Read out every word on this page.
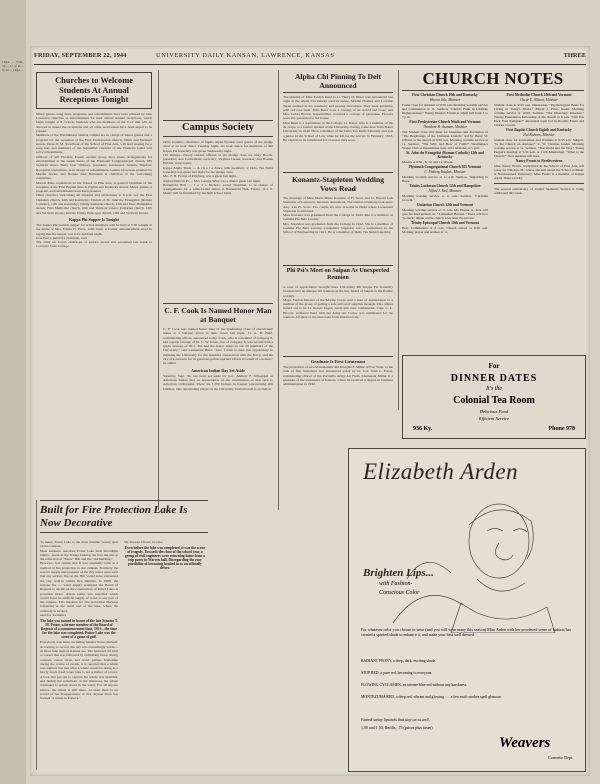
1944 ... VOL. 59 ... U of K ... V-12 ... 1944 ...
FRIDAY, SEPTEMBER 22, 1944	UNIVERSITY DAILY KANSAN, LAWRENCE, KANSAS	THREE
Churches to Welcome Students At Annual Receptions Tonight
Minor guests, song fests, programs, and refreshments have been planned by nine Lawrence churches as entertainment for their annual student receptions, which begin tonight at 8 o'clock. Students who are members of the V-12 unit will be allowed to attend the receptions and all other servicemen have been urged to be present.
Members of the Westminster student cabinet are in charge of minor games and a program for the reception at the First Presbyterian church, Ninth and Vermont streets. Dean D. M. Swarthout of the School of Fine Arts, will lead singing for a song fest, and members of the September calendar of the Women's Guild will serve refreshments.
Officers of left Fireside Forum student group have made arrangements for entertainment at the parish house of the Plymouth Congregational church, 925 Vermont street, Betty Jean Whitney, president, announced. Annette Bigelow, Reception sophomore, is in charge of refreshments. Games have been planned by Martha Jewett, and Bonnie Jean Holloman is chairman of the welcoming committee.
Marvel Ems, sophomore in the School of Fine Arts, is general chairman of the reception at the First Baptist church, Eighth and Kentucky streets. Minor games, a program, and refreshments have been planned.
Other churches welcoming all students and servicemen at 8 p.m. are the First Christian church, 10th and Kentucky; Church of St. John the Evangelist (Roman Catholic), 12th and Kentucky; Trinity Lutheran church, 12th and New Hampshire streets; First Methodist church, 10th and Vermont streets; Unitarian church, 12th and Vermont streets; and the Trinity Episcopal church, 10th and Vermont streets.
Kappa Phi Supper Is Tonight
The Kappa Phi potluck supper for active members will be held at 5:30 tonight at the home of Mrs. Edwin H. Price, 1200 Tenn. A former announcement erred in saying that the supper was to be held last night.
Joan Berry, publicity chairman, said.
The army air forces certificate of service award was presented last week to Colorado State College.
Campus Society
Delta Gamma—Members of Sigma Alpha Epsilon were guests of the pledge class at an hour dance Tuesday night. An hour dance for members of Phi Kappa Psi fraternity was given Wednesday night.
Chi Omega—Newly elected officers of the pledge class are Sally Hoock, president; Ann Cadwalader, secretary; Virginia Larsen, treasurer; and Bonnie Holden, song leader.
Kappa Alpha Theta — A t h e t a dance with members of Delta Tau Delta fraternity was given last night for the pledge class.
Mrs. F. H. Fronts of Pittsburg, was a guest last night.
Alpha Omicron Pi — Mrs. George Wise was a dinner guest last night.
Battenfeld Hall — J u d e Nichols, social chairman, is in charge of arrangements for a semi-formal dance at Battenfeld Hall, Friday, Oct. 6. Music will be furnished by the high school band.
C. F. Cook Is Named Honor Man at Banquet
C. F. Cook was named honor man of the graduating class of electricians' mates at a banquet given in their honor last night, Lt. A. H. Buhl, commanding officer, announced today. Cook, who is a member of company 8, had a grade average of 91. C. W. Jobes, also of company 8, was second with a grade average of 90.2. Ten had the honor status in our 28 members of the University," said Lieutenant Buhl. "Also I wish to take this opportunity in thanking the University for the splendid cooperation with the Navy, and the city of Lawrence for its generous public-spirited efforts in behalf of our men," he added.
American Indian Day Set Aside
Saturday, Sept. 30, has been set aside by Gov. Andrew F. Schoeppel as American Indian Day in appreciation of the contribution of that race to American civilization. There are 1,700 Indians in Kansas representing 400 families. One outstanding player on the University football team is an Indian.
Alpha Chi Pinning To Delt Announced
The pinning of Miss Evelyn Reed to Lt. Harry O. Ritter was announced last night at the Alpha Chi Omega sorority house. Martha Holmes and Lorraine Tarter assisted in the ceremony and passing chocolates. They were gardenias with red rose buds. Miss Reed wore a corsage of an orchid and roses, and Mrs. Golda Brown, housemother, received a corsage of gardenias. Flowers were also presented to the house.
Miss Reed is a sophomore in the College, Lt. Ritter, who is a member of the air corps, is a former student at the University, having come here from Baker University in 1940. He is a member of the Delta Tau Delta fraternity and was a junior in the School of Law when he left for the service in February, 1943. He expects to be transferred for overseas duty soon.
Konantz-Stapleton Wedding Vows Read
The marriage of Miss Marie Marie Konantz of Ft. Scott, and Lt. Harold Jack Stapleton of Lawrence, has been announced. The formal ceremony took place Aug. 4 in Ft. Scott. The couple are now at home in Delta where Lieutenant Stapleton is stationed.
Miss Konantz was graduated from the College in 1943. She is a member of Gamma Phi Beta sorority.
Mrs. Stapleton was graduated from the College in 1942. She is a member of Gamma Phi Beta sorority. Lieutenant Stapleton was a sophomore in the School of Engineering in 1941. He is a member of Delta Tau Delta fraternity.
Phi Psi's Meet on Saipan As Unexpected Reunion
A note of appreciation brought three University Phi Kappa Psi fraternity brothers into an unexpected reunion on the tiny island of Saipan in the Pacific recently.
Major Fenton Durand of the Marine Corps sent a note of appreciation to a member of the group of getting a safe arrival of supplies through. This officer turned out to be Lt. Robert Pagen, naval gun crew commander. Capt. C. L. Hoover, stationed there with the Army Air Corps, was summoned for the reunion. All three of the men were from Junction City.
Graduate Is First Lieutenant
The promotion of second lieutenant and Douglas F. Miller of Fort Scott, to the rank of first lieutenant was announced today by Lt. Col. John L. Eaton, commanding officer of the Pocatello Army Air Field. Lieutenant Miller is a graduate of the University of Kansas, where he received a degree in business administration in 1940.
CHURCH NOTES
First Christian Church 10th and Kentucky
Warren Stle, Minister
Foster class for students at 9:30 a.m. Morning worship service and Communion at 11. Sermon, "Christ's Faith in Ultimate Righteousness." Young People's Forum at 10pm hall from 5 to 7 p.m.
First Presbyterian Church Ninth and Vermont
Theodore H. Aszman, Minister
The Student class will meet for breakfast and discussion of "The Beginnings of the Christian Church," led by Harry W. O'Kane at the church at 9:30 a.m. Morning worship service at 11. Sermon, "The Why and How of Faith?" Westminster Vesper Club at Westminster hall, 1221 Ormond, at 5 p.m.
St. John the Evangelist (Roman Catholic) 12th and Kentucky
Masses at 6:30 , 8, 10, and 11:30 a.m.
Plymouth Congregational Church 925 Vermont
C. Finberg Hughes, Minister
Morning worship service at 11 a.m. Sermon, "Rejoicing in Hope."
Trinity Lutheran Church 12th and Hampshire
Alfred J. Bell, Minister
Morning worship service at 11 a.m. Sermon, "Christian Growth."
Unitarian Church 12th and Vermont
Morning worship service at 11 a.m. Mr. Homer A. Jack will give his final sermon on, "A Random Harvest." There will be a "potluck" dinner on the church lawn after the service.
Trinity Episcopal Church 10th and Vermont
Holy Communion at 8 a.m. Church school at 9:30 a.m. Morning prayer and sermon at 11.
First Methodist Church 10th and Vermont
Oscar E. Allison, Minister
Student class at 9:45 a.m. Discussion, "Psychological Basis for Living in Today's World." Edwin J. Price, leader. Morning worship service at 10:50. Sermon, "The Discovery Presence." Wesley Foundation Fellowship at the church at 6 p.m. "Did You Pack Your Religion?" discussion topic led by Rosalie Erwin and Charles Cowan.
First Baptist Church Eighth and Kentucky
Hal Roberts, Minister
Student class for servicemen and civilians at 9:45 a.m. Subject, "Is the Church an Antique?" C. W. Thomas, leader. Morning worship service at 11. Sermon, "The World and the Way." Young People's meeting at 5:30 p.m. at 1124 Mississippi, "What is the Church?" New students will lead.
Nancy Fronts to Northwestern
Miss Nancy Fronts, sophomore in the School of Fine Arts, left today for Chicago, Ill., where she will attend the School of Music at Northwestern University. Miss Fronts is a member of Kappa Alpha Theta sorority.
The second anniversary of United Seaman's Service is being celebrated this week.
For
DINNER DATES
It's the
Colonial Tea Room
Delicious Food
Efficient Service
936 Ky.	Phone 978
Built for Fire Protection Lake Is Now Decorative
To many, Potter Lake is the most familiar beauty spot on the campus.
Most students, associate Potter Lake with moonlight nights—spent in the bridge looking out into the star at the reflection of "Snow" Hill and the "Ad building."
However, few realize that it was originally built as a method of fire protection to the campus. Formerly the reserve supply and pressure of the city water were such that any serious fire on the Hill would have exhausted the city reserve within five minutes. In 1908, the serious fire — water supply prompted the Board of Regents to decide on the construction of Potter Lake. A powerful motor driven pump was installed which would force an artificial supply of water to any part of the campus. This measure for fire protection likewise bolstering at the north end of the lake, where the walkway is located.
used for Swimmer
The lake was named in honor of the late Senator T. M. Potter, a former member of the Board of Regents of a commencement time, 1911—the time for the lake was completed. Potter Lake was the scene of a game of golf.
Everybody was there, including Senator Potter himself. According to record, the day was exceedingly warm—as most June days in Kansas are. The band led off with a concert that was followed by swimming races, diving contests, canoe races, and water games. Sometime during the course of events, it is reported that a whale was sighted, but just what a whale would be doing in a newly made fresh water lake is not a matter of record. A boat that put out to capture the whale was upended, and during the remainder of the afternoon the whale continued to splash about in the water. For all anyone knows, the whale is still there. At least there is no record of his disappearance or that anyone since has hooked "a whale in Potter's."
Six Persons Drown in Lake
Even before the lake was completed, it was the scene of tragedy. Towards the close of the school year, a group of civil engineers were returning home from a trip party in Warren hall. Disregarding the easy possibility of becoming hooked in to an officially driver.
Elizabeth Arden
Brighten Lips...
with Fashion-
Conscious Color
For whatever color you choose to wear (and you will wear many this season) Miss Arden with her powdered sense of fashion has created a spirited shade to enhance it, and make your best well dressed.
RADIANT PEONY, a deep, dark, exciting shade.
STOP RED, a pure red, becoming to everyone.
FLOWING CYCLAMEN, an intense blue-red without any harshness.
MONTEZUMA RED, a deep red, vibrant and glowing . . . a few swift strokes spell glamour.
Famed satiny lipsticks that stay on so well,
1.00 and 1.50, Refills, .75 (prices plus taxes)
Weavers
Cosmetic Dept.
